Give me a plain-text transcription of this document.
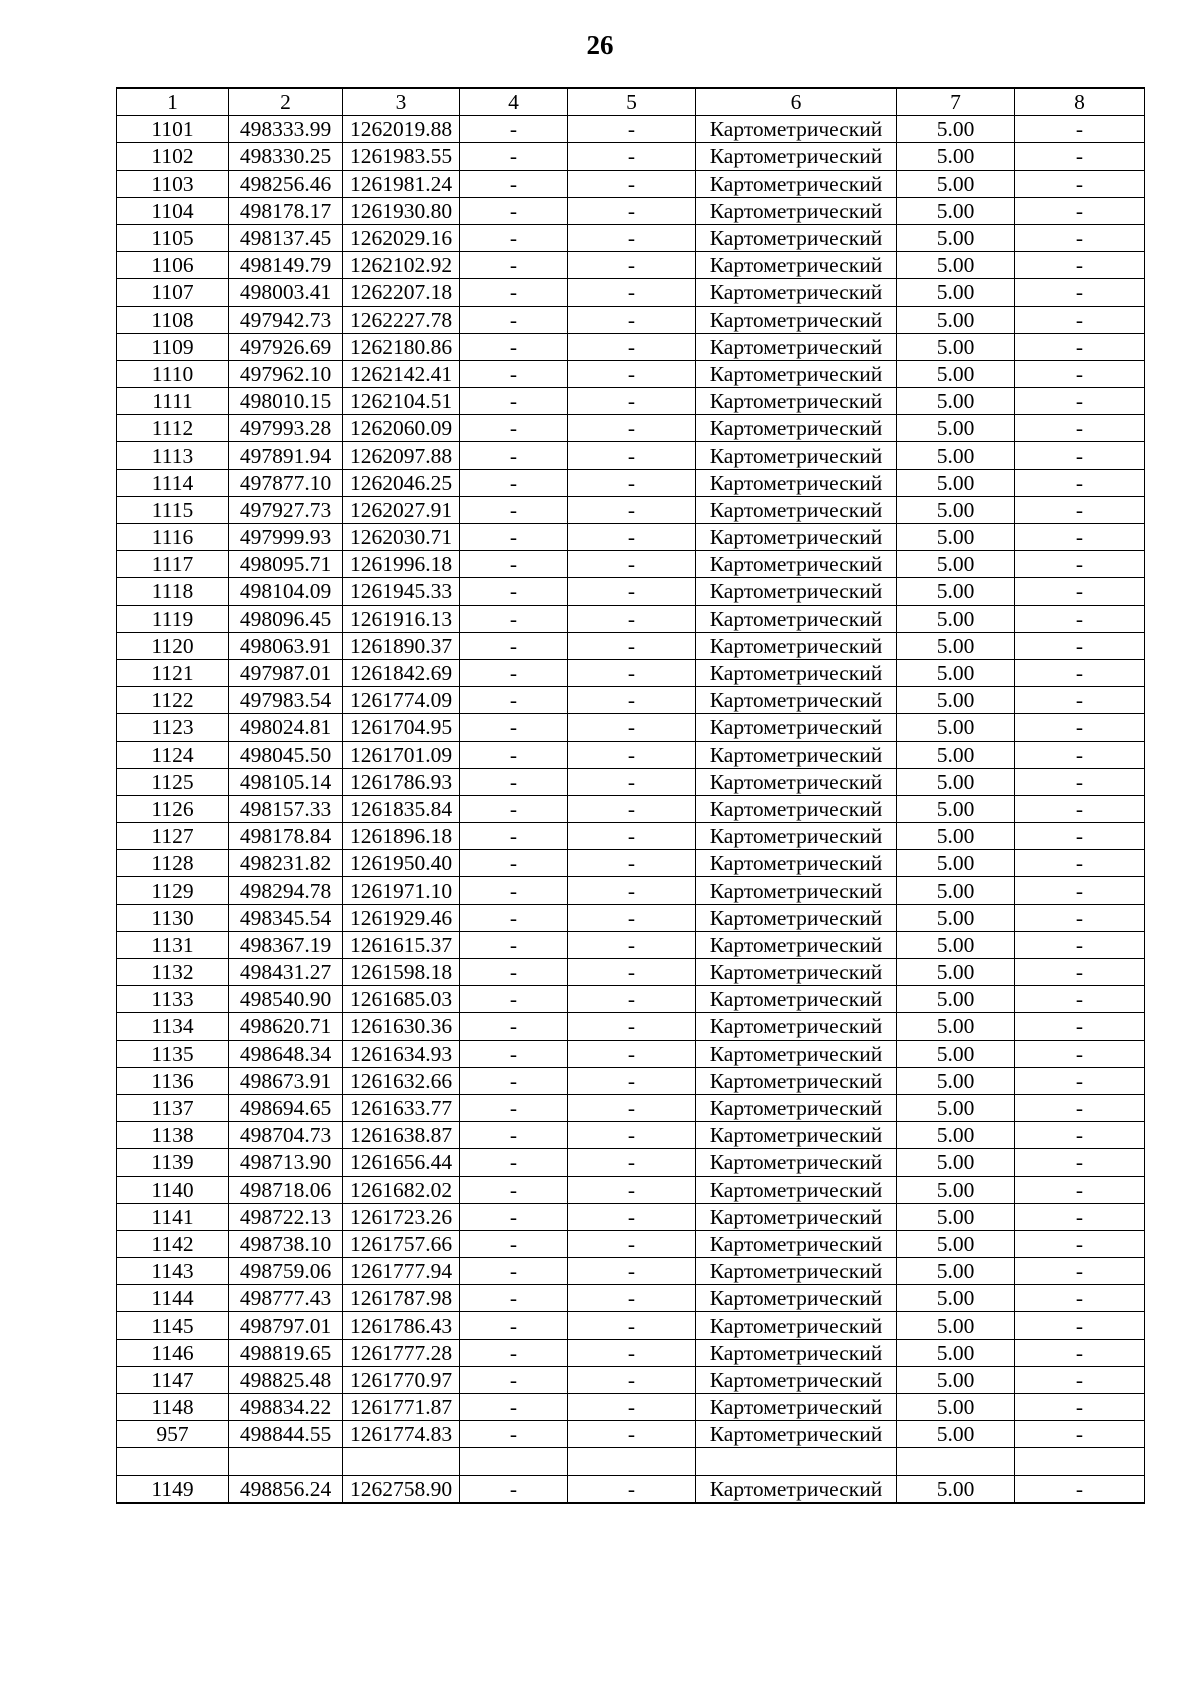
26
1	2	3	4	5	6	7	8
1101	498333.99	1262019.88	-	-	Картометрический	5.00	-
1102	498330.25	1261983.55	-	-	Картометрический	5.00	-
1103	498256.46	1261981.24	-	-	Картометрический	5.00	-
1104	498178.17	1261930.80	-	-	Картометрический	5.00	-
1105	498137.45	1262029.16	-	-	Картометрический	5.00	-
1106	498149.79	1262102.92	-	-	Картометрический	5.00	-
1107	498003.41	1262207.18	-	-	Картометрический	5.00	-
1108	497942.73	1262227.78	-	-	Картометрический	5.00	-
1109	497926.69	1262180.86	-	-	Картометрический	5.00	-
1110	497962.10	1262142.41	-	-	Картометрический	5.00	-
1111	498010.15	1262104.51	-	-	Картометрический	5.00	-
1112	497993.28	1262060.09	-	-	Картометрический	5.00	-
1113	497891.94	1262097.88	-	-	Картометрический	5.00	-
1114	497877.10	1262046.25	-	-	Картометрический	5.00	-
1115	497927.73	1262027.91	-	-	Картометрический	5.00	-
1116	497999.93	1262030.71	-	-	Картометрический	5.00	-
1117	498095.71	1261996.18	-	-	Картометрический	5.00	-
1118	498104.09	1261945.33	-	-	Картометрический	5.00	-
1119	498096.45	1261916.13	-	-	Картометрический	5.00	-
1120	498063.91	1261890.37	-	-	Картометрический	5.00	-
1121	497987.01	1261842.69	-	-	Картометрический	5.00	-
1122	497983.54	1261774.09	-	-	Картометрический	5.00	-
1123	498024.81	1261704.95	-	-	Картометрический	5.00	-
1124	498045.50	1261701.09	-	-	Картометрический	5.00	-
1125	498105.14	1261786.93	-	-	Картометрический	5.00	-
1126	498157.33	1261835.84	-	-	Картометрический	5.00	-
1127	498178.84	1261896.18	-	-	Картометрический	5.00	-
1128	498231.82	1261950.40	-	-	Картометрический	5.00	-
1129	498294.78	1261971.10	-	-	Картометрический	5.00	-
1130	498345.54	1261929.46	-	-	Картометрический	5.00	-
1131	498367.19	1261615.37	-	-	Картометрический	5.00	-
1132	498431.27	1261598.18	-	-	Картометрический	5.00	-
1133	498540.90	1261685.03	-	-	Картометрический	5.00	-
1134	498620.71	1261630.36	-	-	Картометрический	5.00	-
1135	498648.34	1261634.93	-	-	Картометрический	5.00	-
1136	498673.91	1261632.66	-	-	Картометрический	5.00	-
1137	498694.65	1261633.77	-	-	Картометрический	5.00	-
1138	498704.73	1261638.87	-	-	Картометрический	5.00	-
1139	498713.90	1261656.44	-	-	Картометрический	5.00	-
1140	498718.06	1261682.02	-	-	Картометрический	5.00	-
1141	498722.13	1261723.26	-	-	Картометрический	5.00	-
1142	498738.10	1261757.66	-	-	Картометрический	5.00	-
1143	498759.06	1261777.94	-	-	Картометрический	5.00	-
1144	498777.43	1261787.98	-	-	Картометрический	5.00	-
1145	498797.01	1261786.43	-	-	Картометрический	5.00	-
1146	498819.65	1261777.28	-	-	Картометрический	5.00	-
1147	498825.48	1261770.97	-	-	Картометрический	5.00	-
1148	498834.22	1261771.87	-	-	Картометрический	5.00	-
957	498844.55	1261774.83	-	-	Картометрический	5.00	-

1149	498856.24	1262758.90	-	-	Картометрический	5.00	-
